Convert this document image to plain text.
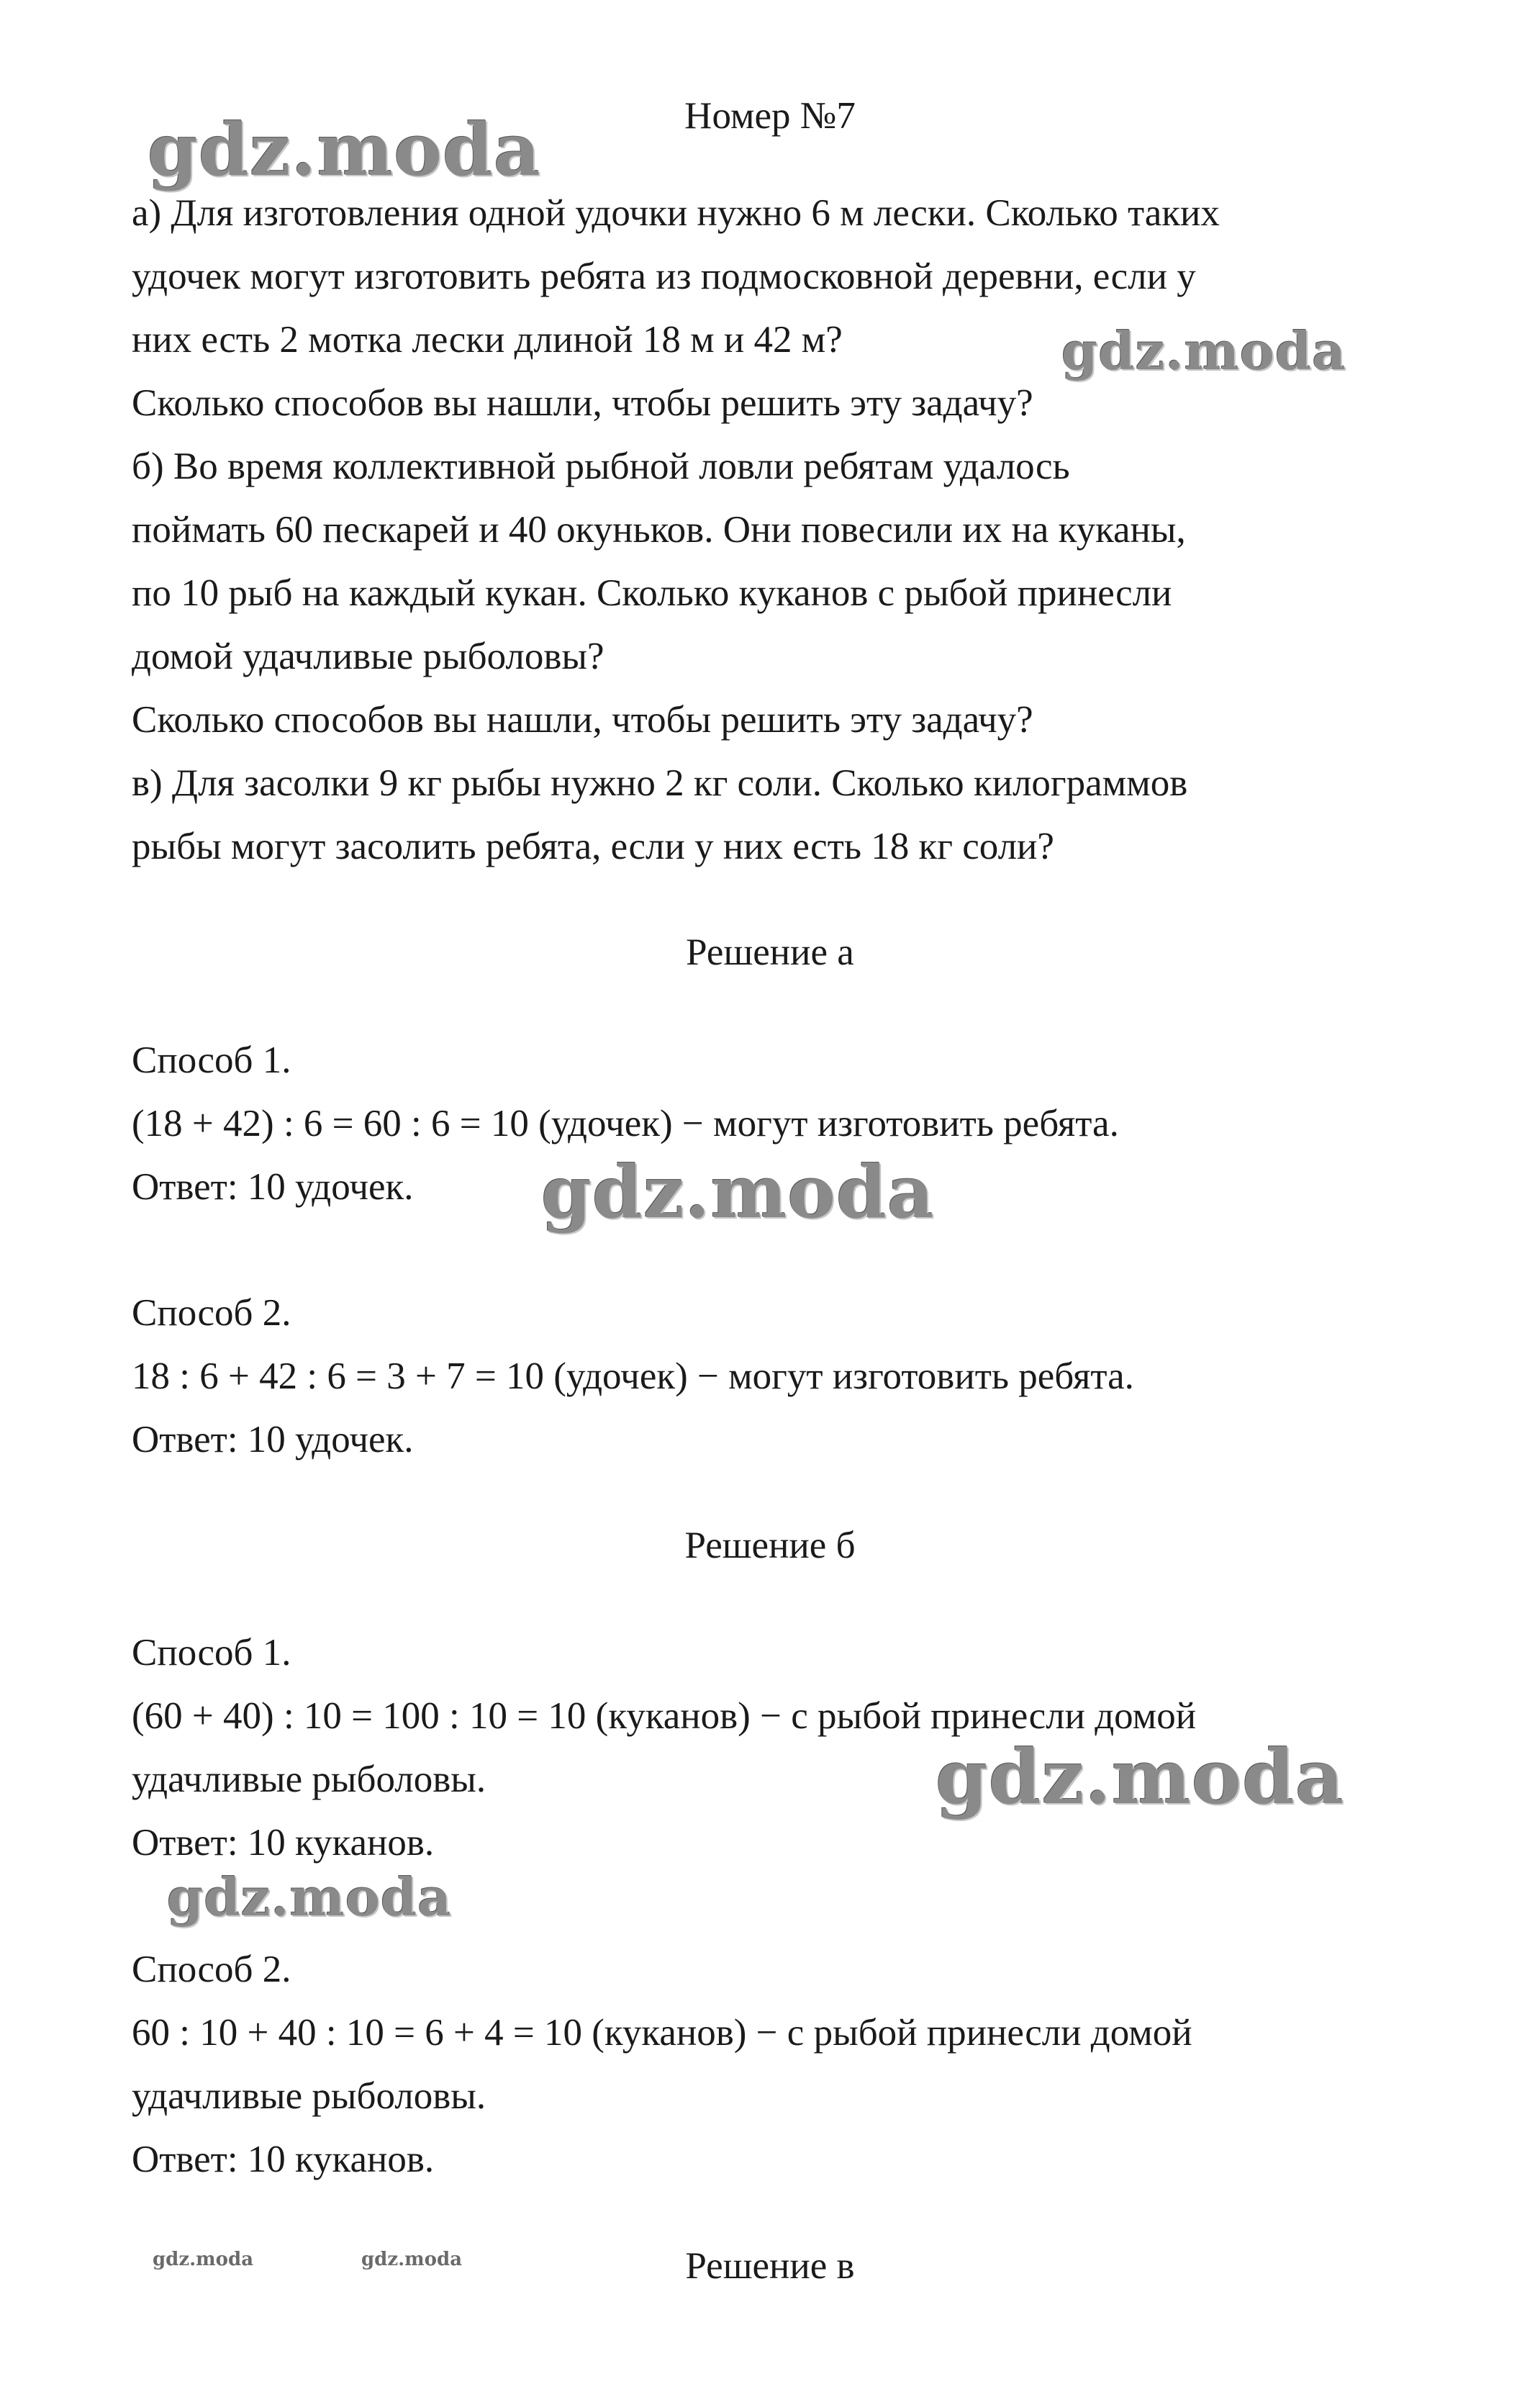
Номер №7
а) Для изготовления одной удочки нужно 6 м лески. Сколько таких
удочек могут изготовить ребята из подмосковной деревни, если у
них есть 2 мотка лески длиной 18 м и 42 м?
Сколько способов вы нашли, чтобы решить эту задачу?
б) Во время коллективной рыбной ловли ребятам удалось
поймать 60 пескарей и 40 окуньков. Они повесили их на куканы,
по 10 рыб на каждый кукан. Сколько куканов с рыбой принесли
домой удачливые рыболовы?
Сколько способов вы нашли, чтобы решить эту задачу?
в) Для засолки 9 кг рыбы нужно 2 кг соли. Сколько килограммов
рыбы могут засолить ребята, если у них есть 18 кг соли?
Решение а
Способ 1.
(18 + 42) : 6 = 60 : 6 = 10 (удочек) − могут изготовить ребята.
Ответ: 10 удочек.
Способ 2.
18 : 6 + 42 : 6 = 3 + 7 = 10 (удочек) − могут изготовить ребята.
Ответ: 10 удочек.
Решение б
Способ 1.
(60 + 40) : 10 = 100 : 10 = 10 (куканов) − с рыбой принесли домой
удачливые рыболовы.
Ответ: 10 куканов.
Способ 2.
60 : 10 + 40 : 10 = 6 + 4 = 10 (куканов) − с рыбой принесли домой
удачливые рыболовы.
Ответ: 10 куканов.
Решение в
gdz.moda
gdz.moda
gdz.moda
gdz.moda
gdz.moda
gdz.moda	gdz.moda
